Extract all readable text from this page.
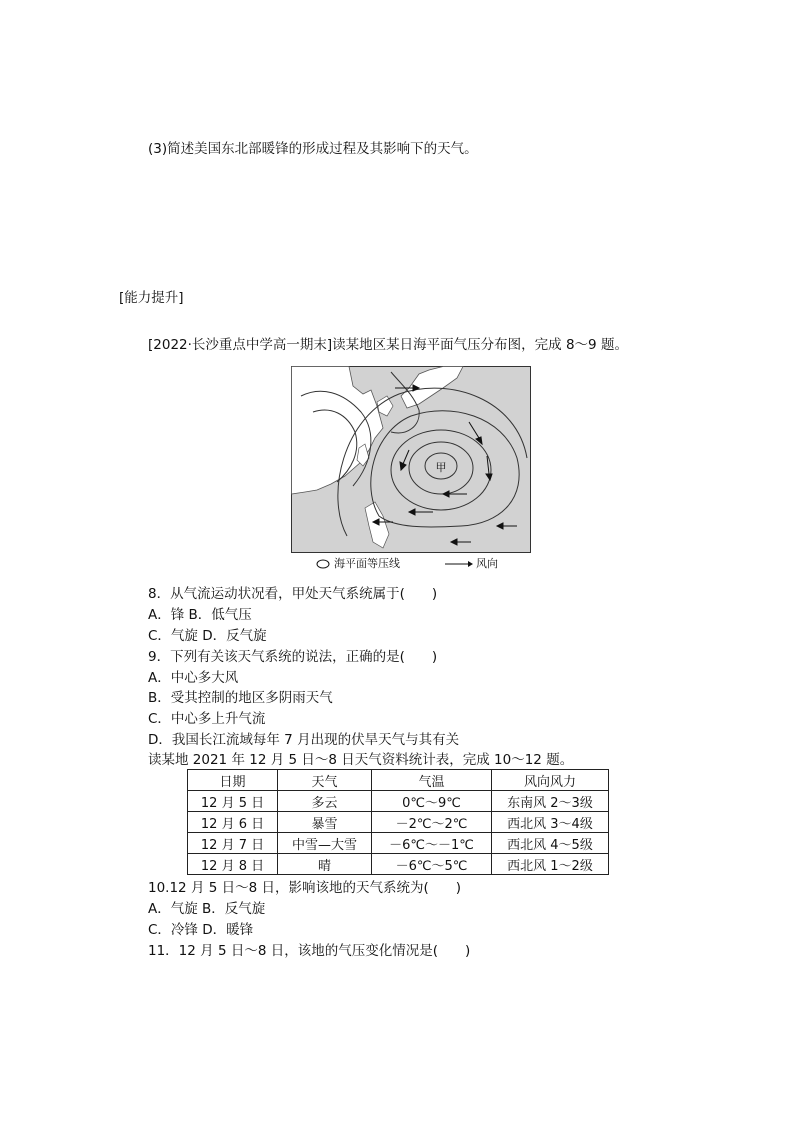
(3)简述美国东北部暖锋的形成过程及其影响下的天气。
[能力提升]
[2022·长沙重点中学高一期末]读某地区某日海平面气压分布图，完成 8～9 题。
甲
海平面等压线	风向
8．从气流运动状况看，甲处天气系统属于(　　)
A．锋 B．低气压
C．气旋 D．反气旋
9．下列有关该天气系统的说法，正确的是(　　)
A．中心多大风
B．受其控制的地区多阴雨天气
C．中心多上升气流
D．我国长江流域每年 7 月出现的伏旱天气与其有关
读某地 2021 年 12 月 5 日～8 日天气资料统计表，完成 10～12 题。
日期	天气	气温	风向风力
12 月 5 日	多云	0℃～9℃	东南风 2～3级
12 月 6 日	暴雪	－2℃～2℃	西北风 3～4级
12 月 7 日	中雪—大雪	－6℃～－1℃	西北风 4～5级
12 月 8 日	晴	－6℃～5℃	西北风 1～2级
10.12 月 5 日～8 日，影响该地的天气系统为(　　)
A．气旋 B．反气旋
C．冷锋 D．暖锋
11．12 月 5 日～8 日，该地的气压变化情况是(　　)
